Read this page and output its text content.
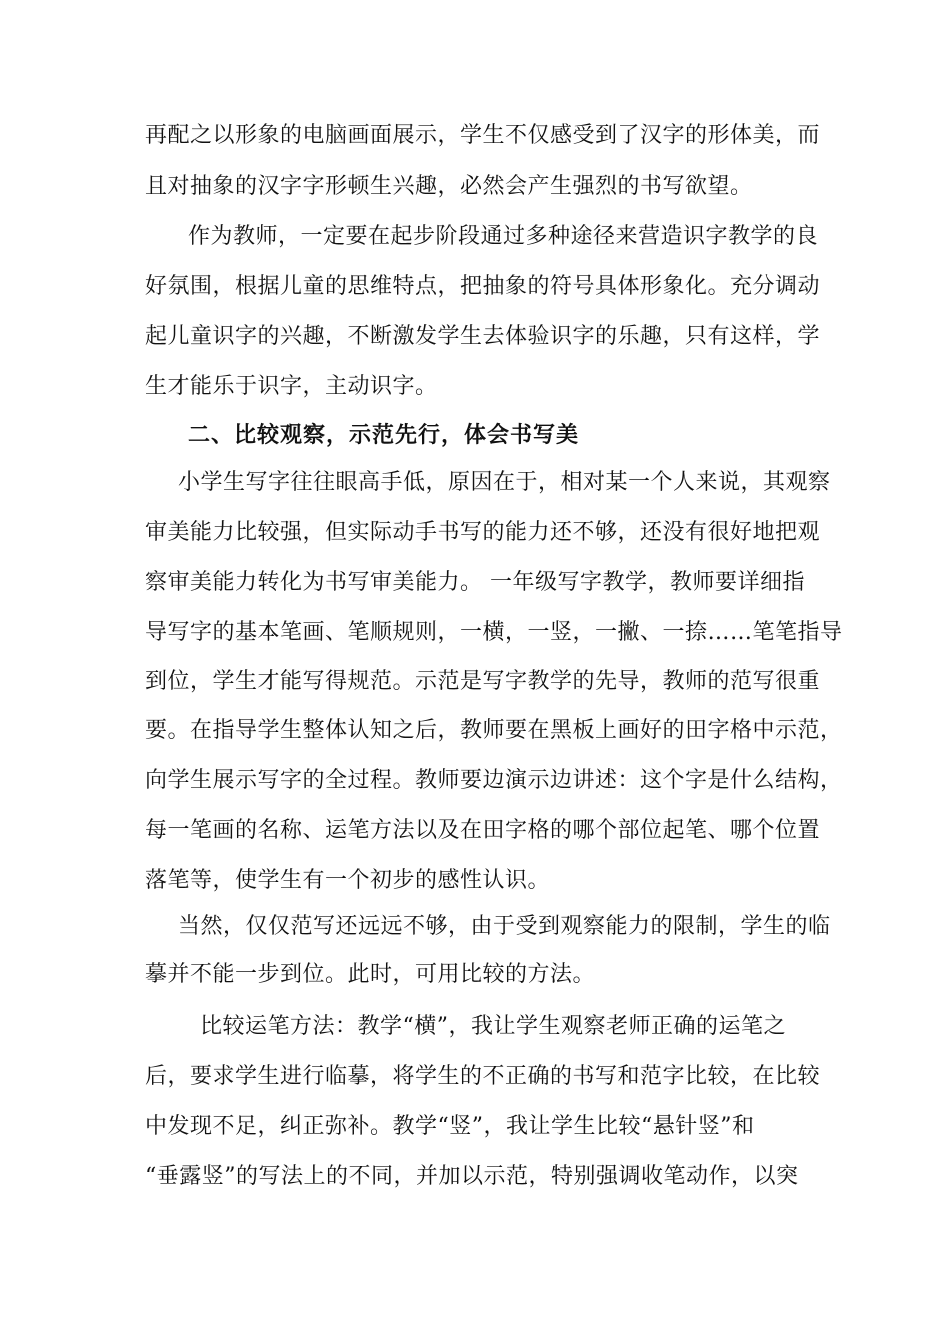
再配之以形象的电脑画面展示，学生不仅感受到了汉字的形体美，而
且对抽象的汉字字形顿生兴趣，必然会产生强烈的书写欲望。
作为教师，一定要在起步阶段通过多种途径来营造识字教学的良
好氛围，根据儿童的思维特点，把抽象的符号具体形象化。充分调动
起儿童识字的兴趣，不断激发学生去体验识字的乐趣，只有这样，学
生才能乐于识字，主动识字。
二、比较观察，示范先行，体会书写美
小学生写字往往眼高手低，原因在于，相对某一个人来说，其观察
审美能力比较强，但实际动手书写的能力还不够，还没有很好地把观
察审美能力转化为书写审美能力。 一年级写字教学，教师要详细指
导写字的基本笔画、笔顺规则，一横，一竖，一撇、一捺……笔笔指导
到位，学生才能写得规范。示范是写字教学的先导，教师的范写很重
要。在指导学生整体认知之后，教师要在黑板上画好的田字格中示范，
向学生展示写字的全过程。教师要边演示边讲述：这个字是什么结构，
每一笔画的名称、运笔方法以及在田字格的哪个部位起笔、哪个位置
落笔等，使学生有一个初步的感性认识。
当然，仅仅范写还远远不够，由于受到观察能力的限制，学生的临
摹并不能一步到位。此时，可用比较的方法。
比较运笔方法：教学“横”，我让学生观察老师正确的运笔之
后，要求学生进行临摹，将学生的不正确的书写和范字比较，在比较
中发现不足，纠正弥补。教学“竖”，我让学生比较“悬针竖”和
“垂露竖”的写法上的不同，并加以示范，特别强调收笔动作，以突
